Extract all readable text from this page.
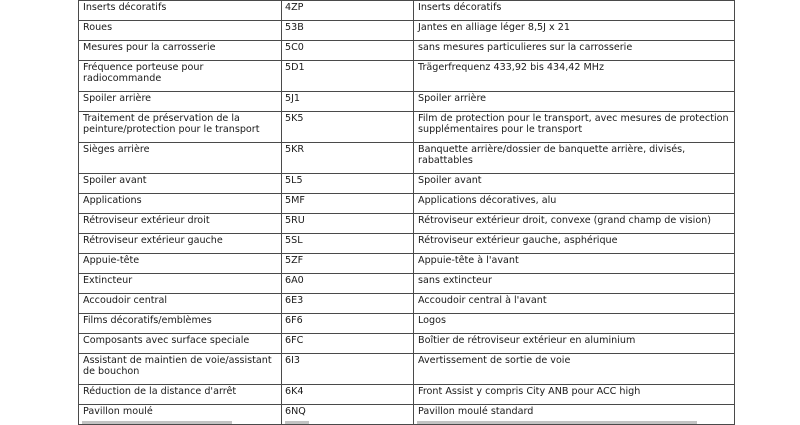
Inserts décoratifs	4ZP	Inserts décoratifs
Roues	53B	Jantes en alliage léger 8,5J x 21
Mesures pour la carrosserie	5C0	sans mesures particulieres sur la carrosserie
Fréquence porteuse pour radiocommande	5D1	Trägerfrequenz 433,92 bis 434,42 MHz
Spoiler arrière	5J1	Spoiler arrière
Traitement de préservation de la peinture/protection pour le transport	5K5	Film de protection pour le transport, avec mesures de protection supplémentaires pour le transport
Sièges arrière	5KR	Banquette arrière/dossier de banquette arrière, divisés, rabattables
Spoiler avant	5L5	Spoiler avant
Applications	5MF	Applications décoratives, alu
Rétroviseur extérieur droit	5RU	Rétroviseur extérieur droit, convexe (grand champ de vision)
Rétroviseur extérieur gauche	5SL	Rétroviseur extérieur gauche, asphérique
Appuie-tête	5ZF	Appuie-tête à l'avant
Extincteur	6A0	sans extincteur
Accoudoir central	6E3	Accoudoir central à l'avant
Films décoratifs/emblèmes	6F6	Logos
Composants avec surface speciale	6FC	Boîtier de rétroviseur extérieur en aluminium
Assistant de maintien de voie/assistant de bouchon	6I3	Avertissement de sortie de voie
Réduction de la distance d'arrêt	6K4	Front Assist y compris City ANB pour ACC high
Pavillon moulé	6NQ	Pavillon moulé standard
